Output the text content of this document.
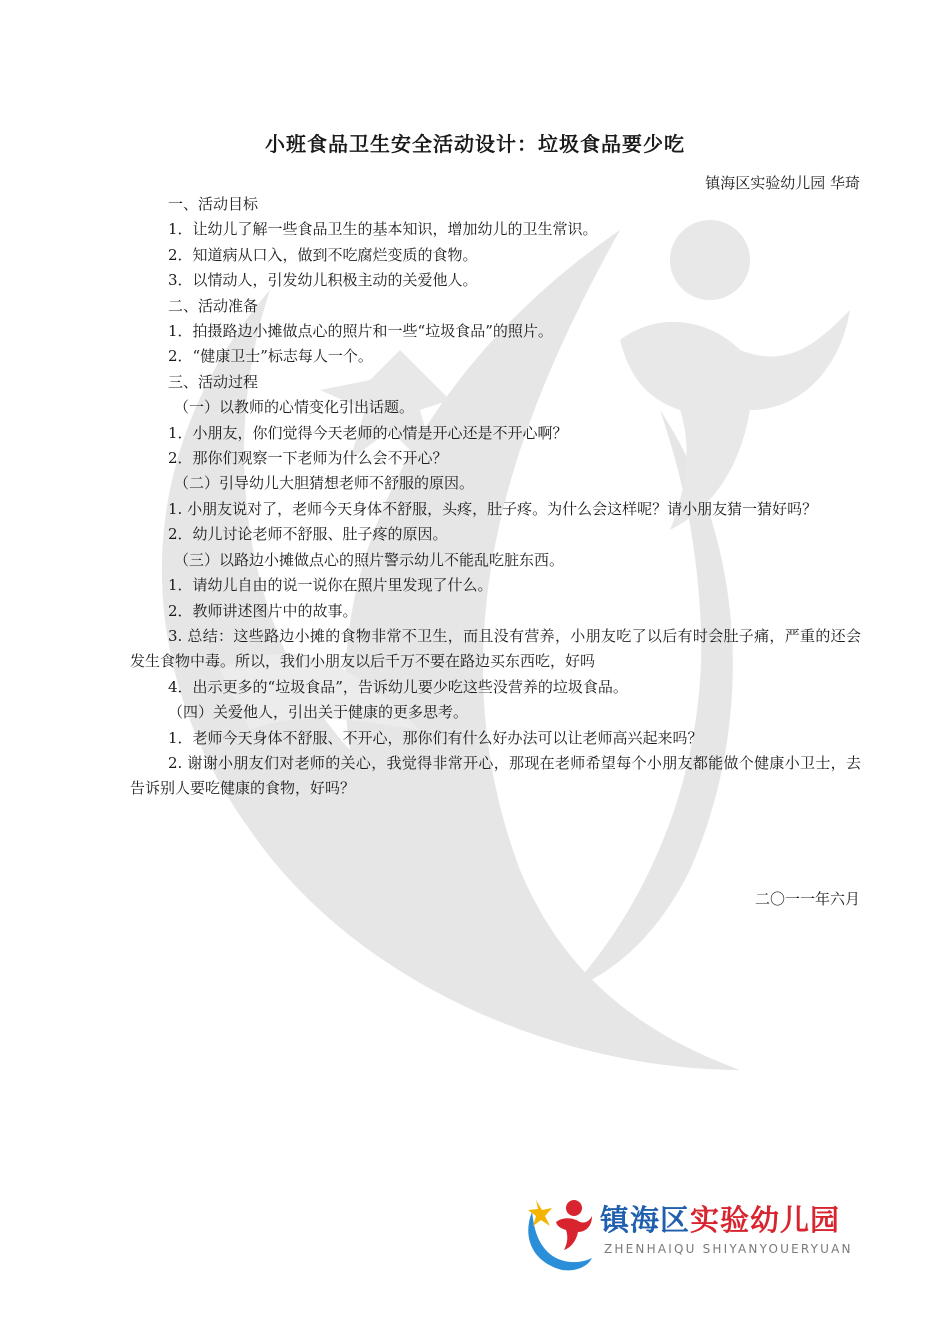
小班食品卫生安全活动设计：垃圾食品要少吃
镇海区实验幼儿园 华琦

一、活动目标

1．让幼儿了解一些食品卫生的基本知识，增加幼儿的卫生常识。

2．知道病从口入，做到不吃腐烂变质的食物。

3．以情动人，引发幼儿积极主动的关爱他人。

二、活动准备

1．拍摄路边小摊做点心的照片和一些“垃圾食品”的照片。

2．“健康卫士”标志每人一个。

三、活动过程

（一）以教师的心情变化引出话题。

1．小朋友，你们觉得今天老师的心情是开心还是不开心啊？

2．那你们观察一下老师为什么会不开心？

（二）引导幼儿大胆猜想老师不舒服的原因。

1. 小朋友说对了，老师今天身体不舒服，头疼，肚子疼。为什么会这样呢？请小朋友猜一猜好吗？

2．幼儿讨论老师不舒服、肚子疼的原因。

（三）以路边小摊做点心的照片警示幼儿不能乱吃脏东西。

1．请幼儿自由的说一说你在照片里发现了什么。

2．教师讲述图片中的故事。

3. 总结：这些路边小摊的食物非常不卫生，而且没有营养，小朋友吃了以后有时会肚子痛，严重的还会发生食物中毒。所以，我们小朋友以后千万不要在路边买东西吃，好吗

4．出示更多的“垃圾食品”，告诉幼儿要少吃这些没营养的垃圾食品。

（四）关爱他人，引出关于健康的更多思考。

1．老师今天身体不舒服、不开心，那你们有什么好办法可以让老师高兴起来吗？

2. 谢谢小朋友们对老师的关心，我觉得非常开心，那现在老师希望每个小朋友都能做个健康小卫士，去告诉别人要吃健康的食物，好吗？

二〇一一年六月
镇海区实验幼儿园
ZHENHAIQU SHIYANYOUERYUAN
